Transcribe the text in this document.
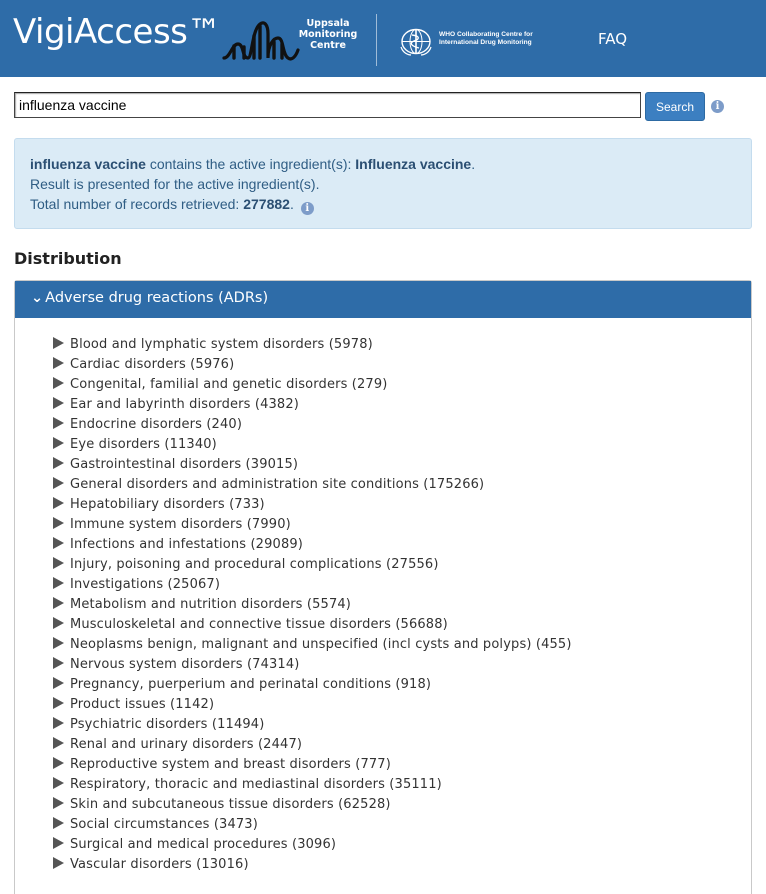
VigiAccess™	Uppsala Monitoring Centre
WHO Collaborating Centre for International Drug Monitoring	FAQ
influenza vaccine
Search	i
influenza vaccine contains the active ingredient(s): Influenza vaccine.
Result is presented for the active ingredient(s).
Total number of records retrieved: 277882. i
Distribution
⌄ Adverse drug reactions (ADRs)
Blood and lymphatic system disorders (5978)
Cardiac disorders (5976)
Congenital, familial and genetic disorders (279)
Ear and labyrinth disorders (4382)
Endocrine disorders (240)
Eye disorders (11340)
Gastrointestinal disorders (39015)
General disorders and administration site conditions (175266)
Hepatobiliary disorders (733)
Immune system disorders (7990)
Infections and infestations (29089)
Injury, poisoning and procedural complications (27556)
Investigations (25067)
Metabolism and nutrition disorders (5574)
Musculoskeletal and connective tissue disorders (56688)
Neoplasms benign, malignant and unspecified (incl cysts and polyps) (455)
Nervous system disorders (74314)
Pregnancy, puerperium and perinatal conditions (918)
Product issues (1142)
Psychiatric disorders (11494)
Renal and urinary disorders (2447)
Reproductive system and breast disorders (777)
Respiratory, thoracic and mediastinal disorders (35111)
Skin and subcutaneous tissue disorders (62528)
Social circumstances (3473)
Surgical and medical procedures (3096)
Vascular disorders (13016)
